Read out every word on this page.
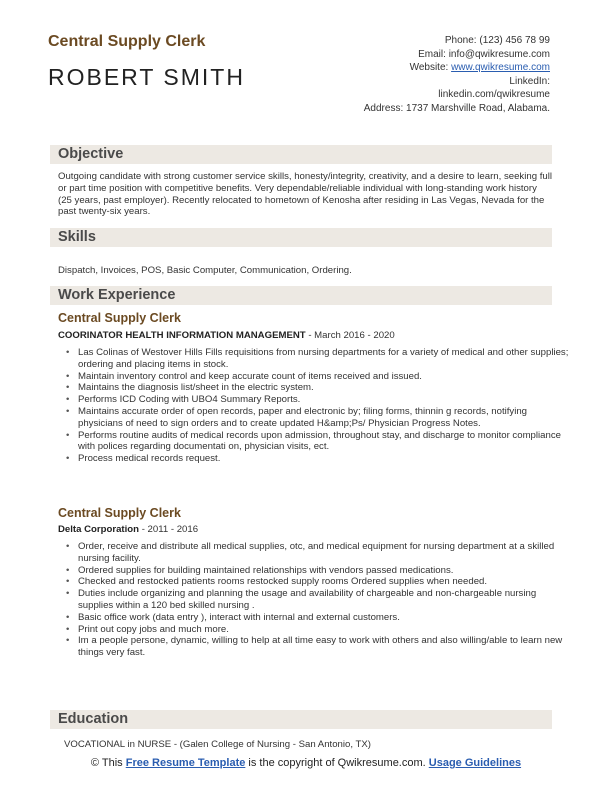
Central Supply Clerk
ROBERT SMITH
Phone: (123) 456 78 99
Email: info@qwikresume.com
Website: www.qwikresume.com
LinkedIn:
linkedin.com/qwikresume
Address: 1737 Marshville Road, Alabama.
Objective
Outgoing candidate with strong customer service skills, honesty/integrity, creativity, and a desire to learn, seeking full or part time position with competitive benefits. Very dependable/reliable individual with long-standing work history (25 years, past employer). Recently relocated to hometown of Kenosha after residing in Las Vegas, Nevada for the past twenty-six years.
Skills
Dispatch, Invoices, POS, Basic Computer, Communication, Ordering.
Work Experience
Central Supply Clerk
COORINATOR HEALTH INFORMATION MANAGEMENT - March 2016 - 2020
• Las Colinas of Westover Hills Fills requisitions from nursing departments for a variety of medical and other supplies; ordering and placing items in stock.
• Maintain inventory control and keep accurate count of items received and issued.
• Maintains the diagnosis list/sheet in the electric system.
• Performs ICD Coding with UBO4 Summary Reports.
• Maintains accurate order of open records, paper and electronic by; filing forms, thinnin g records, notifying physicians of need to sign orders and to create updated H&amp;Ps/ Physician Progress Notes.
• Performs routine audits of medical records upon admission, throughout stay, and discharge to monitor compliance with polices regarding documentati on, physician visits, ect.
• Process medical records request.
Central Supply Clerk
Delta Corporation - 2011 - 2016
• Order, receive and distribute all medical supplies, otc, and medical equipment for nursing department at a skilled nursing facility.
• Ordered supplies for building maintained relationships with vendors passed medications.
• Checked and restocked patients rooms restocked supply rooms Ordered supplies when needed.
• Duties include organizing and planning the usage and availability of chargeable and non-chargeable nursing supplies within a 120 bed skilled nursing .
• Basic office work (data entry ), interact with internal and external customers.
• Print out copy jobs and much more.
• Im a people persone, dynamic, willing to help at all time easy to work with others and also willing/able to learn new things very fast.
Education
VOCATIONAL in NURSE - (Galen College of Nursing - San Antonio, TX)
© This Free Resume Template is the copyright of Qwikresume.com. Usage Guidelines
